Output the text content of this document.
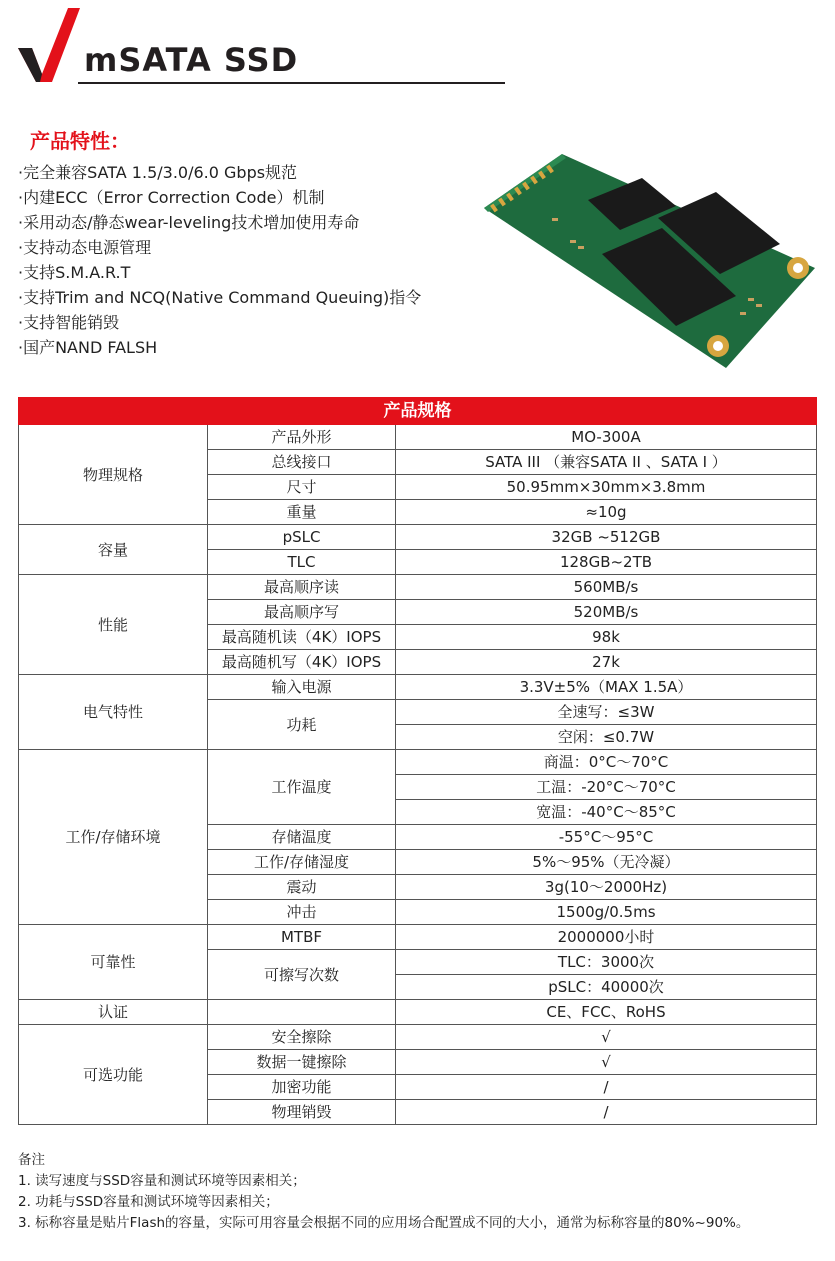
mSATA SSD
产品特性：
·完全兼容SATA 1.5/3.0/6.0 Gbps规范
·内建ECC（Error Correction Code）机制
·采用动态/静态wear-leveling技术增加使用寿命
·支持动态电源管理
·支持S.M.A.R.T
·支持Trim and NCQ(Native Command Queuing)指令
·支持智能销毁
·国产NAND FALSH
产品规格		
物理规格	产品外形	MO-300A
	总线接口	SATA III （兼容SATA II 、SATA I ）
	尺寸	50.95mm×30mm×3.8mm
	重量	≈10g
容量	pSLC	32GB ~512GB
	TLC	128GB~2TB
性能	最高顺序读	560MB/s
	最高顺序写	520MB/s
	最高随机读（4K）IOPS	98k
	最高随机写（4K）IOPS	27k
电气特性	输入电源	3.3V±5%（MAX 1.5A）
	功耗	全速写：≤3W
		空闲：≤0.7W
工作/存储环境	工作温度	商温：0°C～70°C
		工温：-20°C～70°C
		宽温：-40°C～85°C
	存储温度	-55°C～95°C
	工作/存储湿度	5%～95%（无冷凝）
	震动	3g(10～2000Hz)
	冲击	1500g/0.5ms
可靠性	MTBF	2000000小时
	可擦写次数	TLC：3000次
		pSLC：40000次
认证		CE、FCC、RoHS
可选功能	安全擦除	√
	数据一键擦除	√
	加密功能	/
	物理销毁	/
备注
1. 读写速度与SSD容量和测试环境等因素相关；
2. 功耗与SSD容量和测试环境等因素相关；
3. 标称容量是贴片Flash的容量，实际可用容量会根据不同的应用场合配置成不同的大小，通常为标称容量的80%~90%。
